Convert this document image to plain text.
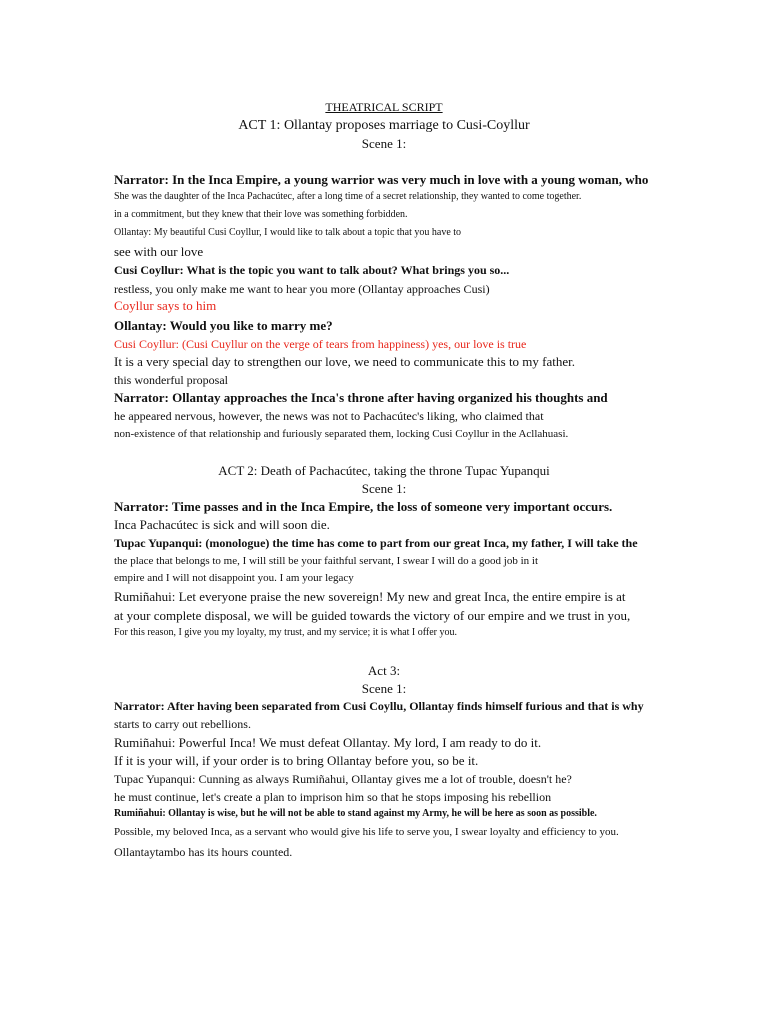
THEATRICAL SCRIPT
ACT 1: Ollantay proposes marriage to Cusi-Coyllur
Scene 1:
Narrator: In the Inca Empire, a young warrior was very much in love with a young woman, who
She was the daughter of the Inca Pachacútec, after a long time of a secret relationship, they wanted to come together.
in a commitment, but they knew that their love was something forbidden.
Ollantay: My beautiful Cusi Coyllur, I would like to talk about a topic that you have to
see with our love
Cusi Coyllur: What is the topic you want to talk about? What brings you so...
restless, you only make me want to hear you more (Ollantay approaches Cusi)
Coyllur says to him
Ollantay: Would you like to marry me?
Cusi Coyllur: (Cusi Cuyllur on the verge of tears from happiness) yes, our love is true
It is a very special day to strengthen our love, we need to communicate this to my father.
this wonderful proposal
Narrator: Ollantay approaches the Inca's throne after having organized his thoughts and
he appeared nervous, however, the news was not to Pachacútec's liking, who claimed that
non-existence of that relationship and furiously separated them, locking Cusi Coyllur in the Acllahuasi.
ACT 2: Death of Pachacútec, taking the throne Tupac Yupanqui
Scene 1:
Narrator: Time passes and in the Inca Empire, the loss of someone very important occurs.
Inca Pachacútec is sick and will soon die.
Tupac Yupanqui: (monologue) the time has come to part from our great Inca, my father, I will take the
the place that belongs to me, I will still be your faithful servant, I swear I will do a good job in it
empire and I will not disappoint you. I am your legacy
Rumiñahui: Let everyone praise the new sovereign! My new and great Inca, the entire empire is at
at your complete disposal, we will be guided towards the victory of our empire and we trust in you,
For this reason, I give you my loyalty, my trust, and my service; it is what I offer you.
Act 3:
Scene 1:
Narrator: After having been separated from Cusi Coyllu, Ollantay finds himself furious and that is why
starts to carry out rebellions.
Rumiñahui: Powerful Inca! We must defeat Ollantay. My lord, I am ready to do it.
If it is your will, if your order is to bring Ollantay before you, so be it.
Tupac Yupanqui: Cunning as always Rumiñahui, Ollantay gives me a lot of trouble, doesn't he?
he must continue, let's create a plan to imprison him so that he stops imposing his rebellion
Rumiñahui: Ollantay is wise, but he will not be able to stand against my Army, he will be here as soon as possible.
Possible, my beloved Inca, as a servant who would give his life to serve you, I swear loyalty and efficiency to you.
Ollantaytambo has its hours counted.
